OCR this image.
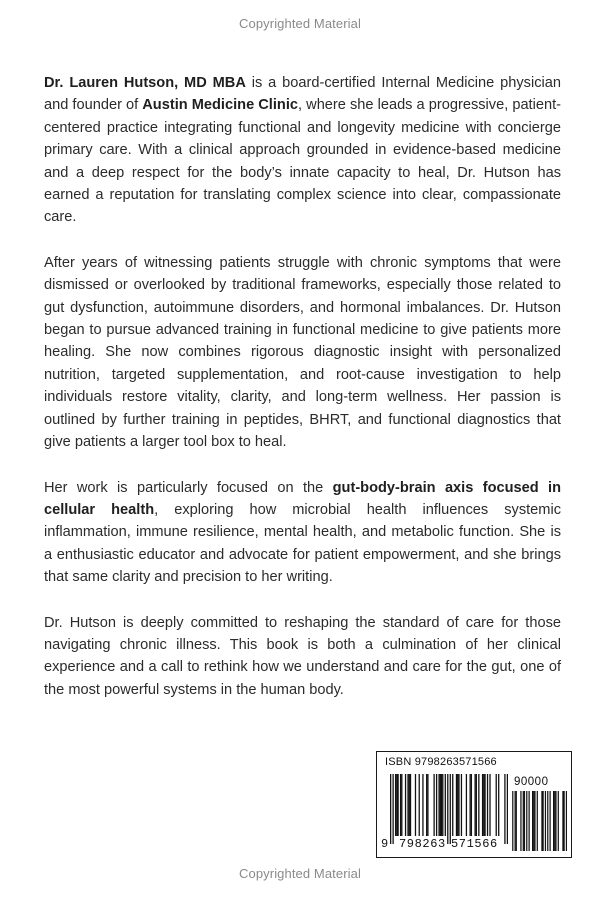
Copyrighted Material

Dr. Lauren Hutson, MD MBA is a board-certified Internal Medicine physician and founder of Austin Medicine Clinic, where she leads a progressive, patient-centered practice integrating functional and longevity medicine with concierge primary care. With a clinical approach grounded in evidence-based medicine and a deep respect for the body’s innate capacity to heal, Dr. Hutson has earned a reputation for translating complex science into clear, compassionate care.

After years of witnessing patients struggle with chronic symptoms that were dismissed or overlooked by traditional frameworks, especially those related to gut dysfunction, autoimmune disorders, and hormonal imbalances. Dr. Hutson began to pursue advanced training in functional medicine to give patients more healing. She now combines rigorous diagnostic insight with personalized nutrition, targeted supplementation, and root-cause investigation to help individuals restore vitality, clarity, and long-term wellness. Her passion is outlined by further training in peptides, BHRT, and functional diagnostics that give patients a larger tool box to heal.

Her work is particularly focused on the gut-body-brain axis focused in cellular health, exploring how microbial health influences systemic inflammation, immune resilience, mental health, and metabolic function. She is a enthusiastic educator and advocate for patient empowerment, and she brings that same clarity and precision to her writing.

Dr. Hutson is deeply committed to reshaping the standard of care for those navigating chronic illness. This book is both a culmination of her clinical experience and a call to rethink how we understand and care for the gut, one of the most powerful systems in the human body.

ISBN 9798263571566
90000
9 798263 571566
Copyrighted Material
